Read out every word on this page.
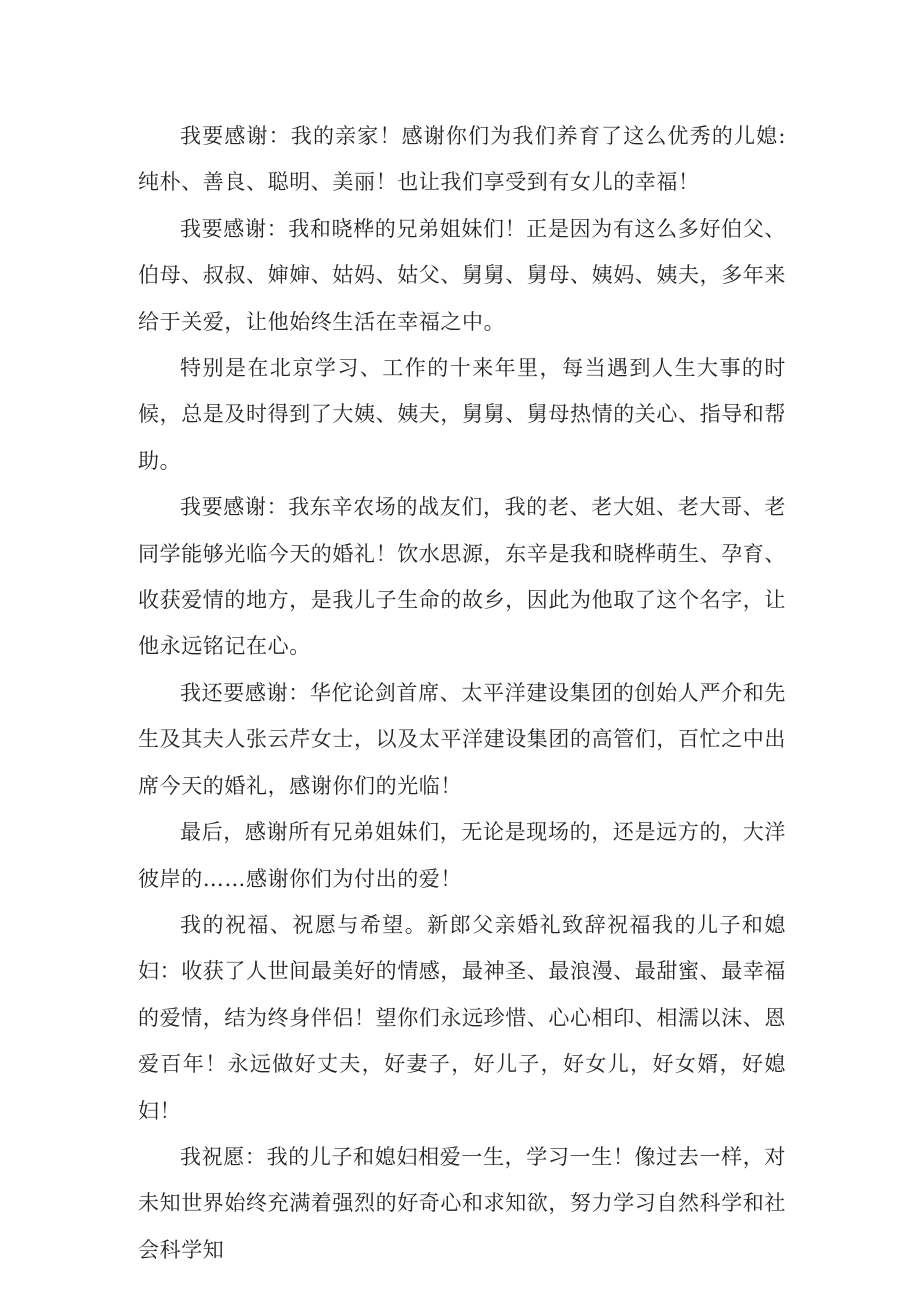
我要感谢：我的亲家！感谢你们为我们养育了这么优秀的儿媳:纯朴、善良、聪明、美丽！也让我们享受到有女儿的幸福！

我要感谢：我和晓桦的兄弟姐妹们！正是因为有这么多好伯父、伯母、叔叔、婶婶、姑妈、姑父、舅舅、舅母、姨妈、姨夫，多年来给于关爱，让他始终生活在幸福之中。

特别是在北京学习、工作的十来年里，每当遇到人生大事的时候，总是及时得到了大姨、姨夫，舅舅、舅母热情的关心、指导和帮助。

我要感谢：我东辛农场的战友们，我的老、老大姐、老大哥、老同学能够光临今天的婚礼！饮水思源，东辛是我和晓桦萌生、孕育、收获爱情的地方，是我儿子生命的故乡，因此为他取了这个名字，让他永远铭记在心。

我还要感谢：华佗论剑首席、太平洋建设集团的创始人严介和先生及其夫人张云芹女士，以及太平洋建设集团的高管们，百忙之中出席今天的婚礼，感谢你们的光临！

最后，感谢所有兄弟姐妹们，无论是现场的，还是远方的，大洋彼岸的……感谢你们为付出的爱！

我的祝福、祝愿与希望。新郎父亲婚礼致辞祝福我的儿子和媳妇：收获了人世间最美好的情感，最神圣、最浪漫、最甜蜜、最幸福的爱情，结为终身伴侣！望你们永远珍惜、心心相印、相濡以沫、恩爱百年！永远做好丈夫，好妻子，好儿子，好女儿，好女婿，好媳妇！

我祝愿：我的儿子和媳妇相爱一生，学习一生！像过去一样，对未知世界始终充满着强烈的好奇心和求知欲，努力学习自然科学和社会科学知
